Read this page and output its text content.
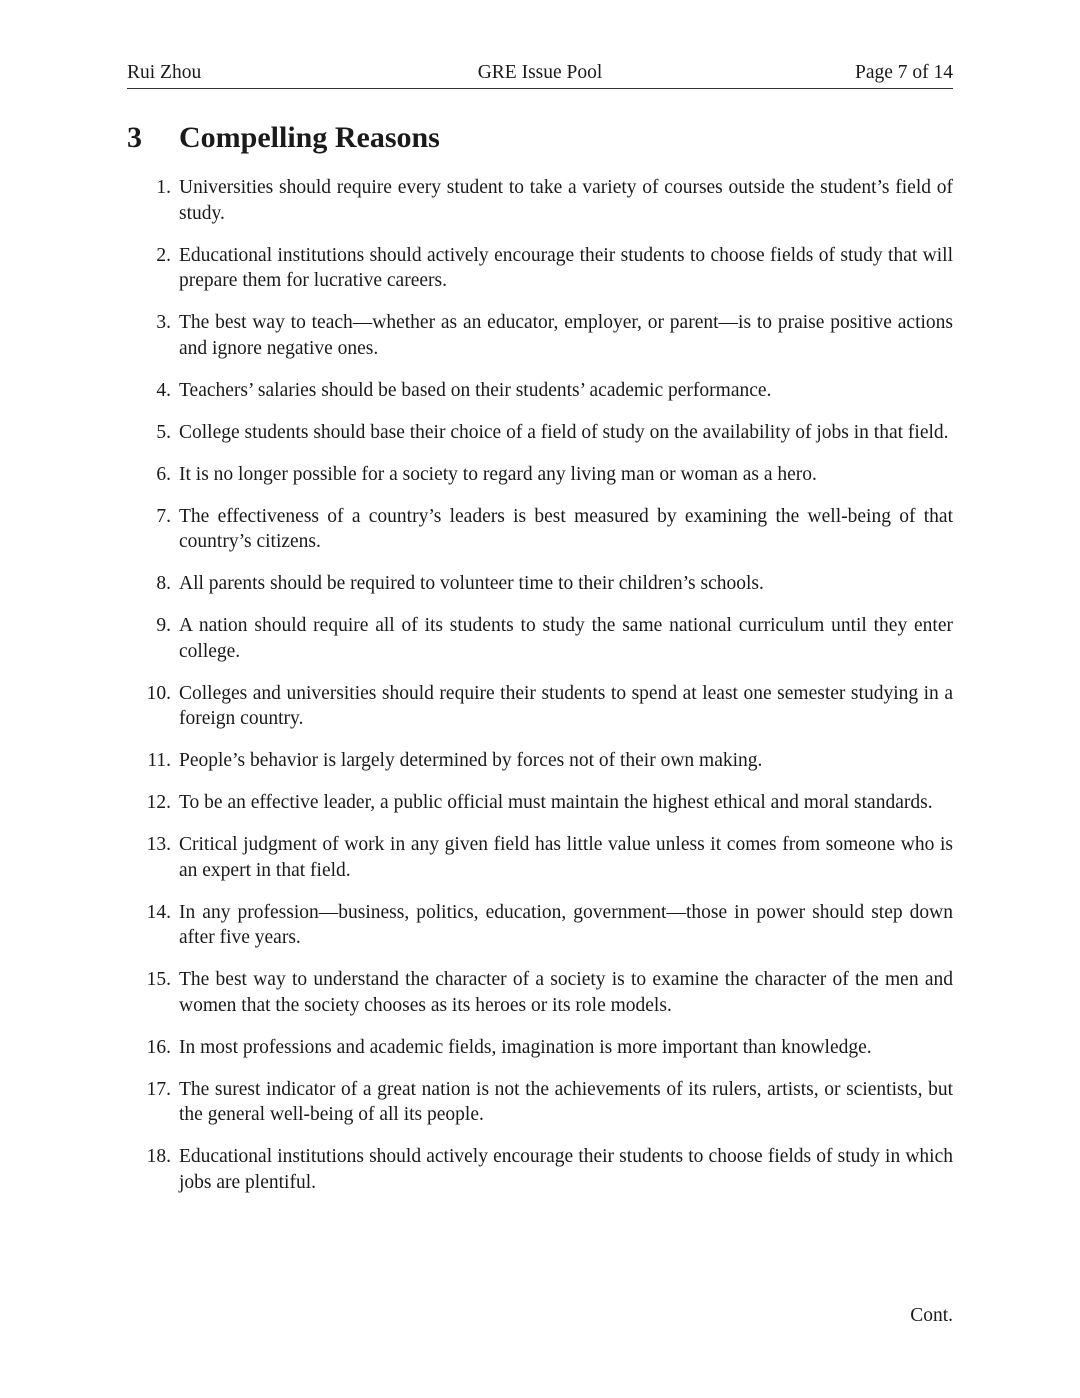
Rui Zhou	GRE Issue Pool	Page 7 of 14
3 Compelling Reasons
1. Universities should require every student to take a variety of courses outside the student’s field of study.
2. Educational institutions should actively encourage their students to choose fields of study that will prepare them for lucrative careers.
3. The best way to teach—whether as an educator, employer, or parent—is to praise positive actions and ignore negative ones.
4. Teachers’ salaries should be based on their students’ academic performance.
5. College students should base their choice of a field of study on the availability of jobs in that field.
6. It is no longer possible for a society to regard any living man or woman as a hero.
7. The effectiveness of a country’s leaders is best measured by examining the well-being of that country’s citizens.
8. All parents should be required to volunteer time to their children’s schools.
9. A nation should require all of its students to study the same national curriculum until they enter college.
10. Colleges and universities should require their students to spend at least one semester studying in a foreign country.
11. People’s behavior is largely determined by forces not of their own making.
12. To be an effective leader, a public official must maintain the highest ethical and moral standards.
13. Critical judgment of work in any given field has little value unless it comes from someone who is an expert in that field.
14. In any profession—business, politics, education, government—those in power should step down after five years.
15. The best way to understand the character of a society is to examine the character of the men and women that the society chooses as its heroes or its role models.
16. In most professions and academic fields, imagination is more important than knowledge.
17. The surest indicator of a great nation is not the achievements of its rulers, artists, or scientists, but the general well-being of all its people.
18. Educational institutions should actively encourage their students to choose fields of study in which jobs are plentiful.
Cont.
